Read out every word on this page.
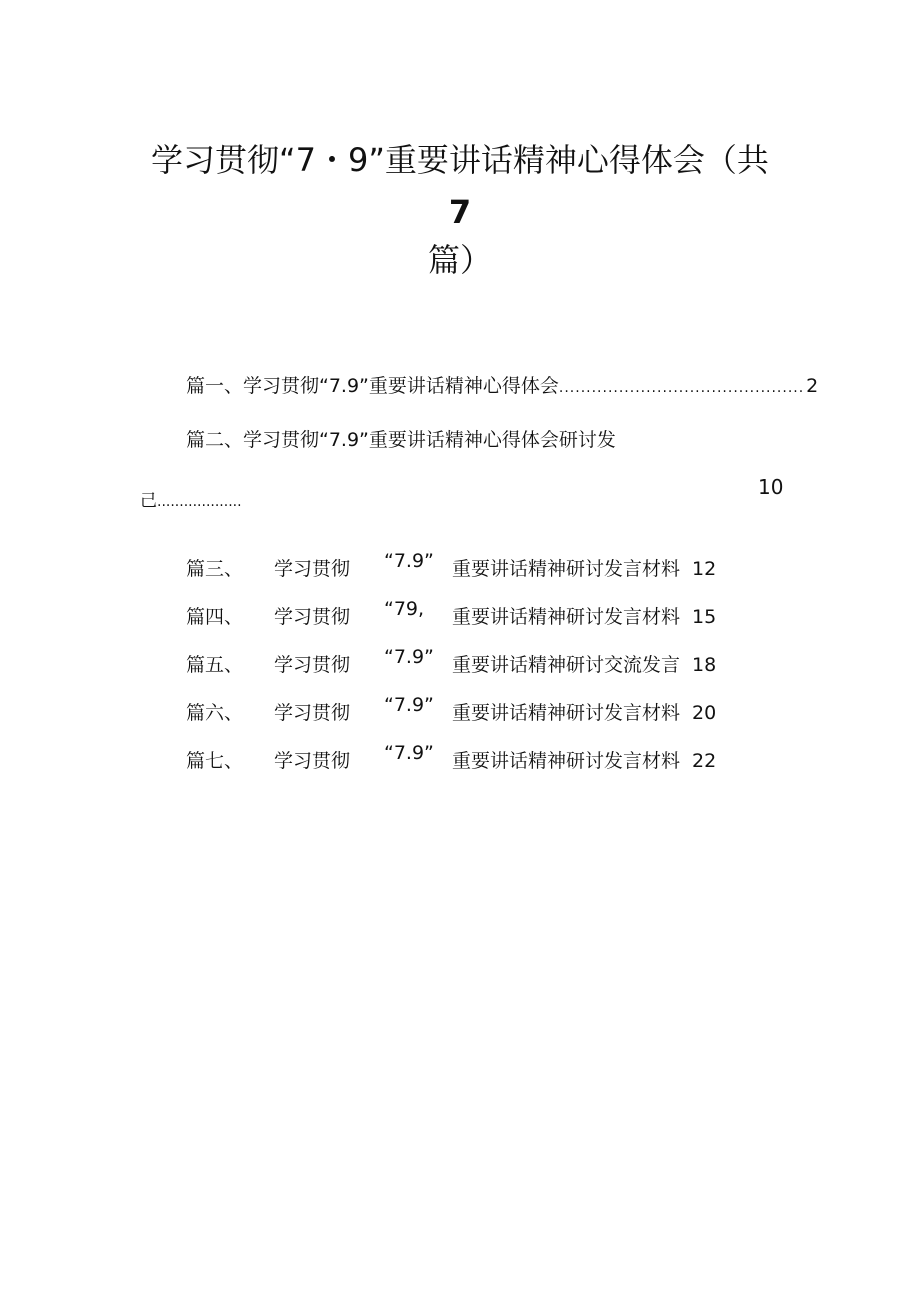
学习贯彻“7・9”重要讲话精神心得体会（共
7
篇）
篇一、学习贯彻“7.9”重要讲话精神心得体会 ............................................. 2
篇二、学习贯彻“7.9”重要讲话精神心得体会研讨发
己...................
10
篇三、 学习贯彻 “7.9” 重要讲话精神研讨发言材料 12
篇四、 学习贯彻 “79, 重要讲话精神研讨发言材料 15
篇五、 学习贯彻 “7.9” 重要讲话精神研讨交流发言 18
篇六、 学习贯彻 “7.9” 重要讲话精神研讨发言材料 20
篇七、 学习贯彻 “7.9” 重要讲话精神研讨发言材料 22
